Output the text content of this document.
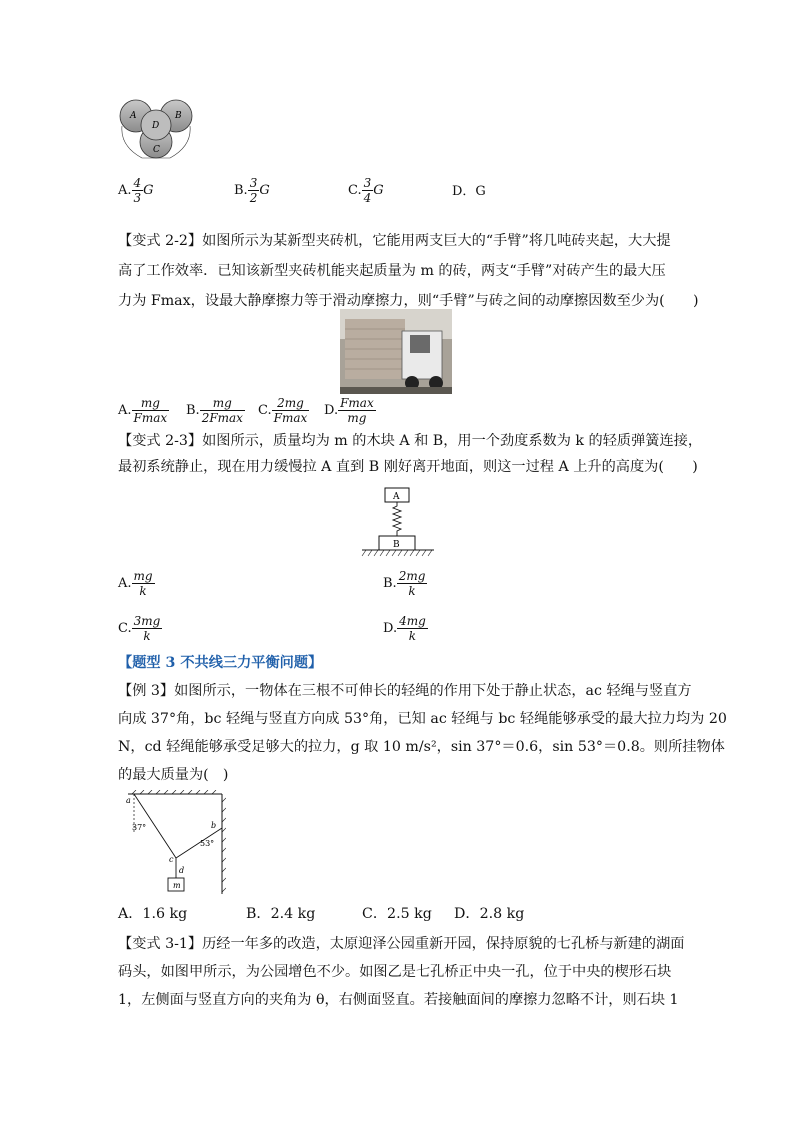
A	B
D
C
A. $\frac{4}{3}$ G	B. $\frac{3}{2}$ G	C. $\frac{3}{4}$ G	D．G
【变式 2-2】如图所示为某新型夹砖机，它能用两支巨大的“手臂”将几吨砖夹起，大大提
高了工作效率．已知该新型夹砖机能夹起质量为 m 的砖，两支“手臂”对砖产生的最大压
力为 Fmax，设最大静摩擦力等于滑动摩擦力，则“手臂”与砖之间的动摩擦因数至少为(　　)
A. $\frac{mg}{Fmax} B$. $\frac{mg}{2Fmax} C$. $\frac{2mg}{Fmax} D$. $\frac{Fmax}{mg}$
【变式 2-3】如图所示，质量均为 m 的木块 A 和 B，用一个劲度系数为 k 的轻质弹簧连接，
最初系统静止，现在用力缓慢拉 A 直到 B 刚好离开地面，则这一过程 A 上升的高度为(　　)
A
B
A. $\frac{mg}{k}$	B. $\frac{2mg}{k}$
C. $\frac{3mg}{k}$	D. $\frac{4mg}{k}$
【题型 3 不共线三力平衡问题】
【例 3】如图所示，一物体在三根不可伸长的轻绳的作用下处于静止状态，ac 轻绳与竖直方
向成 37°角，bc 轻绳与竖直方向成 53°角，已知 ac 轻绳与 bc 轻绳能够承受的最大拉力均为 20
N，cd 轻绳能够承受足够大的拉力，g 取 10 m/s²，sin 37°＝0.6，sin 53°＝0.8。则所挂物体
的最大质量为(　)
a
b
c
d
m
37°
53°
A．1.6 kg	B．2.4 kg	C．2.5 kg D．2.8 kg
【变式 3-1】历经一年多的改造，太原迎泽公园重新开园，保持原貌的七孔桥与新建的湖面
码头，如图甲所示，为公园增色不少。如图乙是七孔桥正中央一孔，位于中央的楔形石块
1，左侧面与竖直方向的夹角为 θ，右侧面竖直。若接触面间的摩擦力忽略不计，则石块 1
